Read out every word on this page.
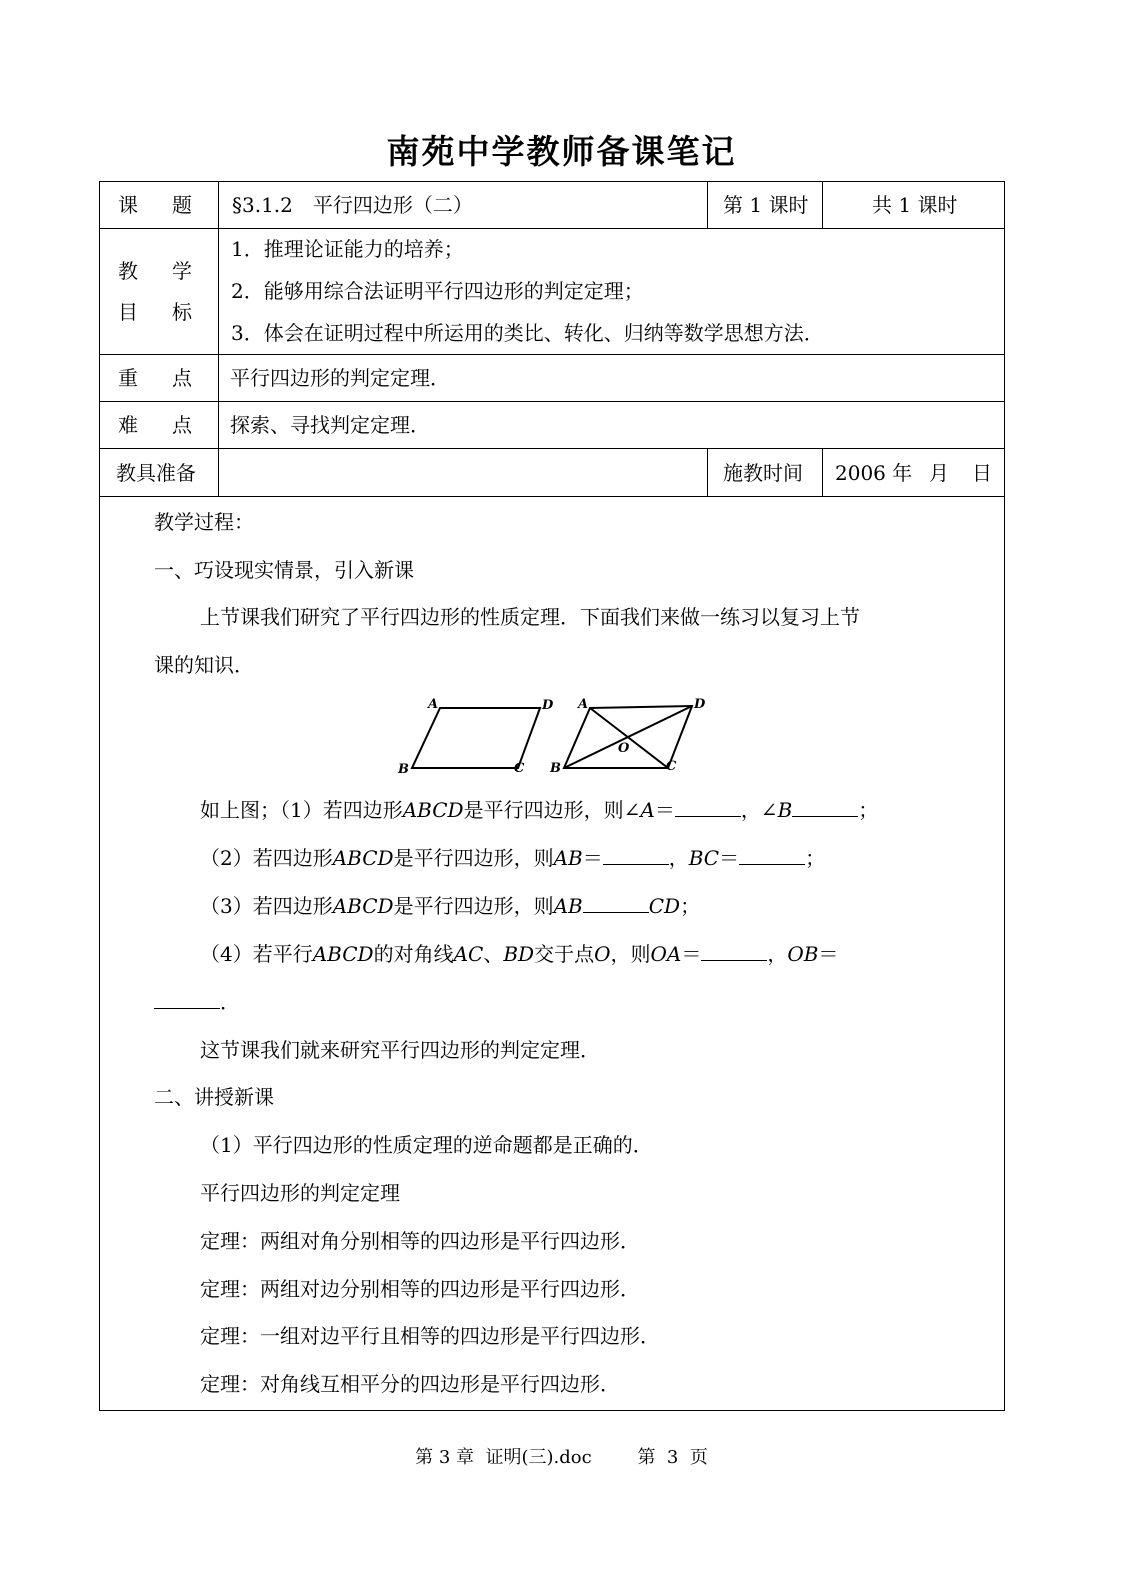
南苑中学教师备课笔记
课 题 §3.1.2　平行四边形（二）	第 1 课时	共 1 课时
教 学
目 标
1．推理论证能力的培养；
2．能够用综合法证明平行四边形的判定定理；
3．体会在证明过程中所运用的类比、转化、归纳等数学思想方法．
重 点 平行四边形的判定定理．
难 点 探索、寻找判定定理．
教具准备	施教时间 2006 年 月 日
教学过程：
一、巧设现实情景，引入新课
上节课我们研究了平行四边形的性质定理．下面我们来做一练习以复习上节
课的知识．
A	D
B	C
A	D
O
B	C
如上图；（1）若四边形ABCD是平行四边形，则∠A＝	，∠B	；
（2）若四边形ABCD是平行四边形，则AB＝	，BC＝	；
（3）若四边形ABCD是平行四边形，则AB	CD；
（4）若平行ABCD的对角线AC、BD交于点O，则OA＝	，OB＝
．
这节课我们就来研究平行四边形的判定定理．
二、讲授新课
（1）平行四边形的性质定理的逆命题都是正确的．
平行四边形的判定定理
定理：两组对角分别相等的四边形是平行四边形．
定理：两组对边分别相等的四边形是平行四边形．
定理：一组对边平行且相等的四边形是平行四边形．
定理：对角线互相平分的四边形是平行四边形．
第 3 章  证明(三).doc	第  3  页
